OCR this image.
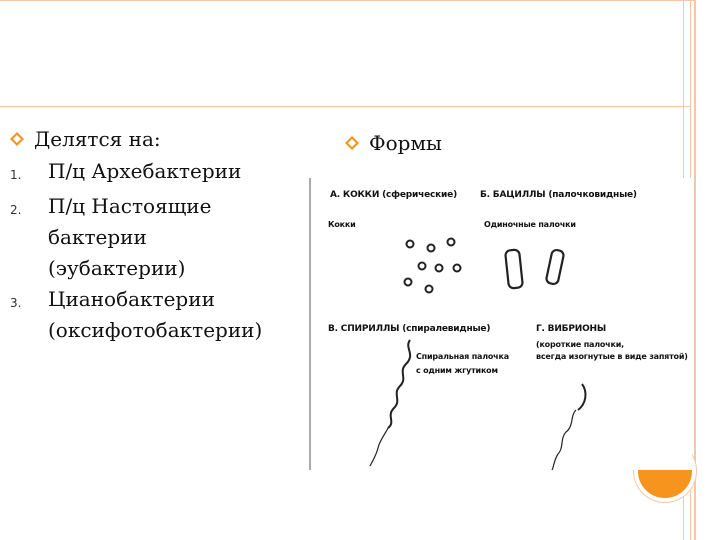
Делятся на:
1.	П/ц Архебактерии
2.	П/ц Настоящие бактерии (эубактерии)
3.	Цианобактерии (оксифотобактерии)
Формы
А. КОККИ (сферические)
Кокки
Б. БАЦИЛЛЫ (палочковидные)
Одиночные палочки
В. СПИРИЛЛЫ (спиралевидные)
Спиральная палочка
с одним жгутиком
Г. ВИБРИОНЫ
(короткие палочки,
всегда изогнутые в виде запятой)
